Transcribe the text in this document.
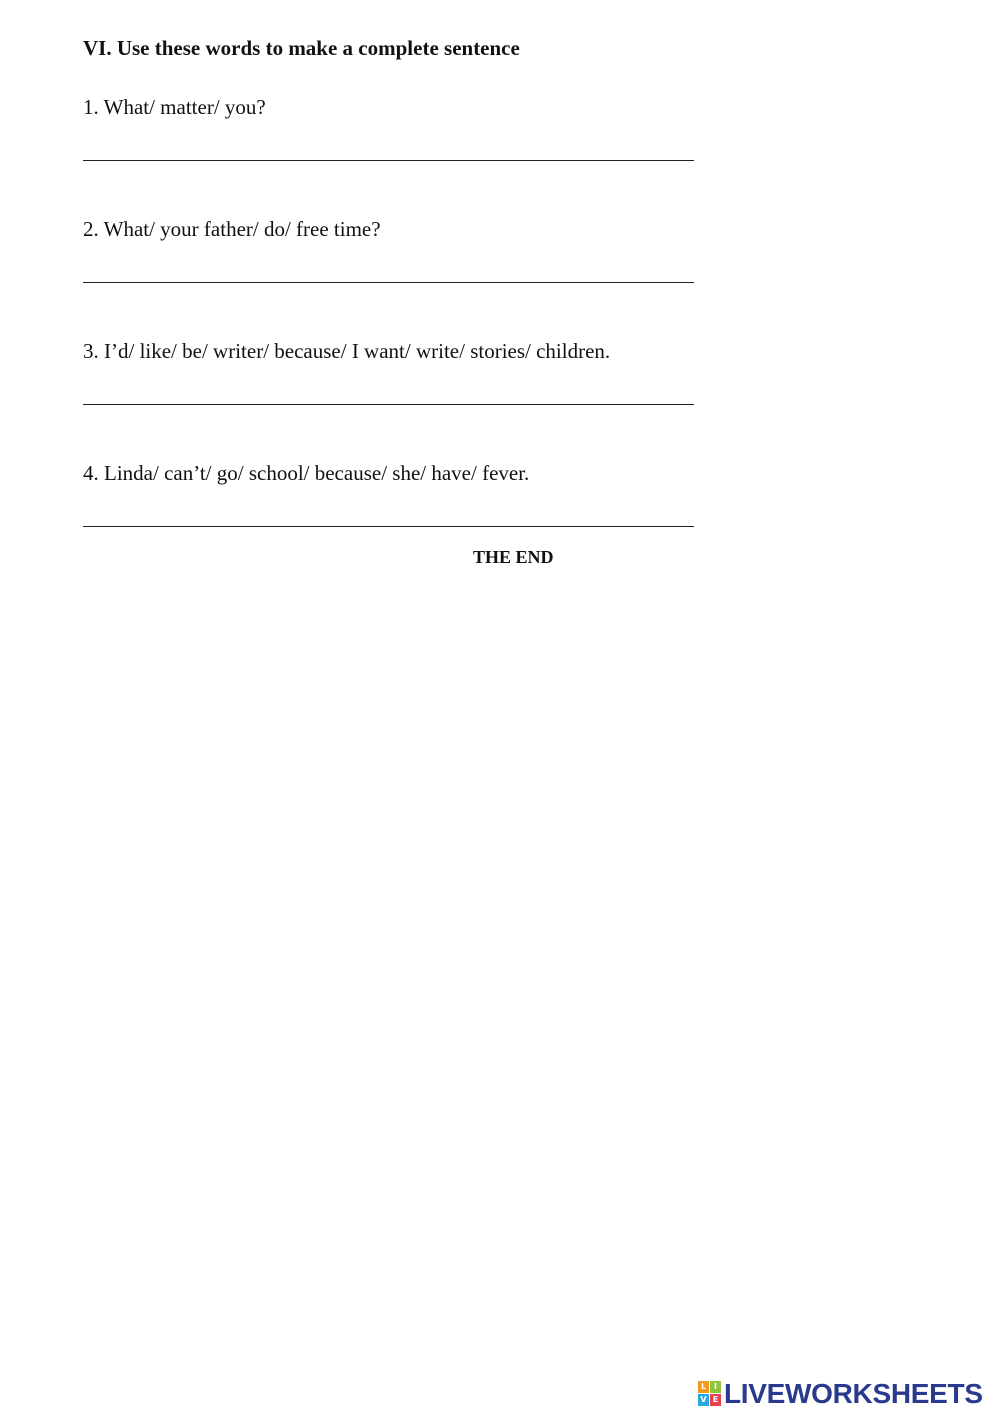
VI. Use these words to make a complete sentence
1. What/ matter/ you?
2. What/ your father/ do/ free time?
3. I’d/ like/ be/ writer/ because/ I want/ write/ stories/ children.
4. Linda/ can’t/ go/ school/ because/ she/ have/ fever.
THE END
L I
V E LIVEWORKSHEETS
